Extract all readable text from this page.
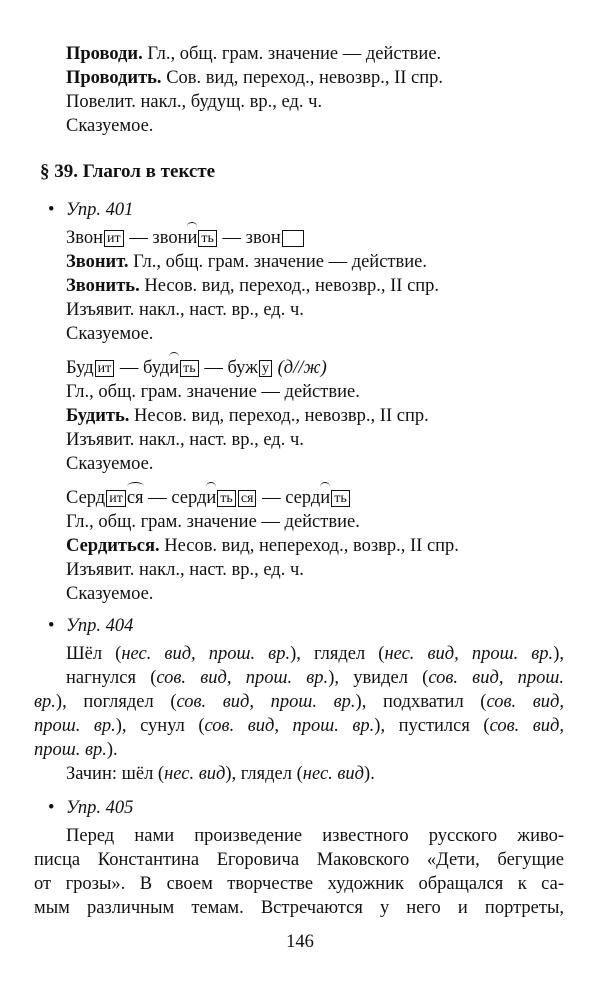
Проводи. Гл., общ. грам. значение — действие.
Проводить. Сов. вид, переход., невозвр., II спр.
Повелит. накл., будущ. вр., ед. ч.
Сказуемое.
§ 39. Глагол в тексте
• Упр. 401
Звон ит — звони ть — звон
Звонит. Гл., общ. грам. значение — действие.
Звонить. Несов. вид, переход., невозвр., II спр.
Изъявит. накл., наст. вр., ед. ч.
Сказуемое.
Буд ит — буди ть — буж у (д//ж)
Гл., общ. грам. значение — действие.
Будить. Несов. вид, переход., невозвр., II спр.
Изъявит. накл., наст. вр., ед. ч.
Сказуемое.
Серд ит ся — серди ть ся — серди ть
Гл., общ. грам. значение — действие.
Сердиться. Несов. вид, непереход., возвр., II спр.
Изъявит. накл., наст. вр., ед. ч.
Сказуемое.
• Упр. 404
Шёл (нес. вид, прош. вр.), глядел (нес. вид, прош. вр.),
нагнулся (сов. вид, прош. вр.), увидел (сов. вид, прош.
вр.), поглядел (сов. вид, прош. вр.), подхватил (сов. вид,
прош. вр.), сунул (сов. вид, прош. вр.), пустился (сов. вид,
прош. вр.).
Зачин: шёл (нес. вид), глядел (нес. вид).
• Упр. 405
Перед нами произведение известного русского живо-
писца Константина Егоровича Маковского «Дети, бегущие
от грозы». В своем творчестве художник обращался к са-
мым различным темам. Встречаются у него и портреты,
146
